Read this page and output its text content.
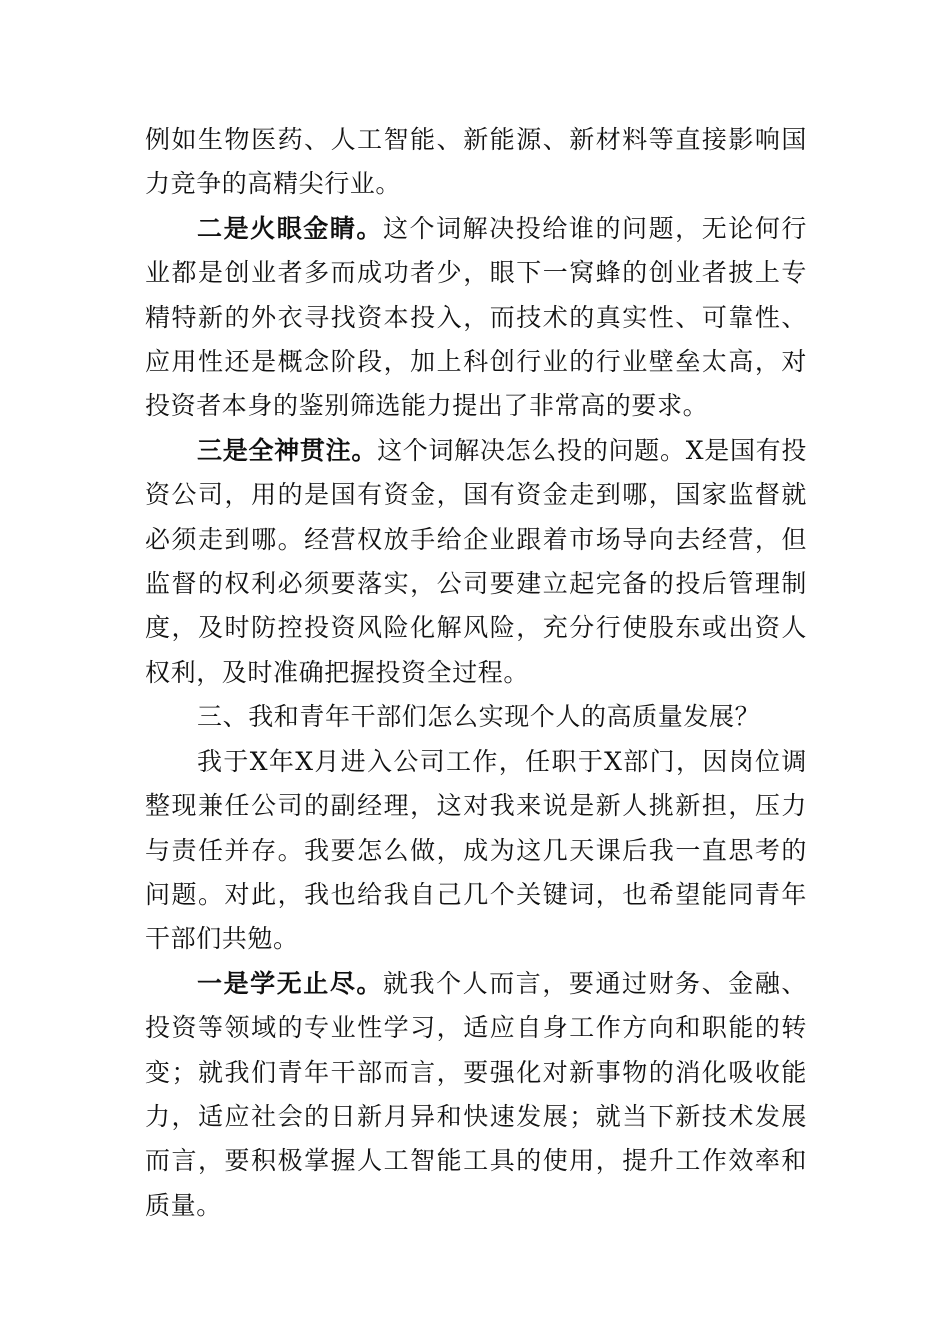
例如生物医药、人工智能、新能源、新材料等直接影响国力竞争的高精尖行业。

二是火眼金睛。这个词解决投给谁的问题，无论何行业都是创业者多而成功者少，眼下一窝蜂的创业者披上专精特新的外衣寻找资本投入，而技术的真实性、可靠性、应用性还是概念阶段，加上科创行业的行业壁垒太高，对投资者本身的鉴别筛选能力提出了非常高的要求。

三是全神贯注。这个词解决怎么投的问题。X是国有投资公司，用的是国有资金，国有资金走到哪，国家监督就必须走到哪。经营权放手给企业跟着市场导向去经营，但监督的权利必须要落实，公司要建立起完备的投后管理制度，及时防控投资风险化解风险，充分行使股东或出资人权利，及时准确把握投资全过程。

三、我和青年干部们怎么实现个人的高质量发展？

我于X年X月进入公司工作，任职于X部门，因岗位调整现兼任公司的副经理，这对我来说是新人挑新担，压力与责任并存。我要怎么做，成为这几天课后我一直思考的问题。对此，我也给我自己几个关键词，也希望能同青年干部们共勉。

一是学无止尽。就我个人而言，要通过财务、金融、投资等领域的专业性学习，适应自身工作方向和职能的转变；就我们青年干部而言，要强化对新事物的消化吸收能力，适应社会的日新月异和快速发展；就当下新技术发展而言，要积极掌握人工智能工具的使用，提升工作效率和质量。
